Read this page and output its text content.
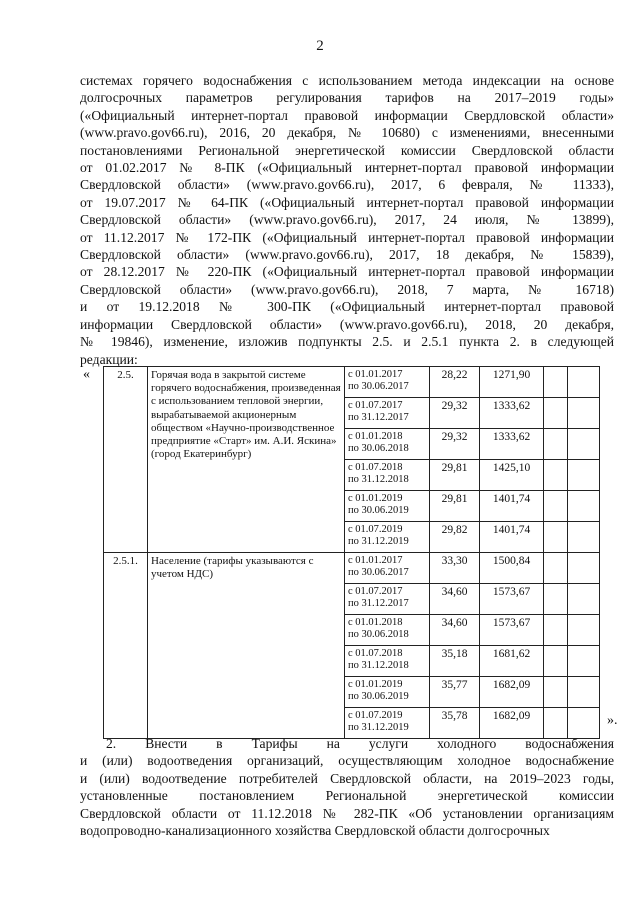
2
системах горячего водоснабжения с использованием метода индексации на основе
долгосрочных параметров регулирования тарифов на 2017–2019 годы»
(«Официальный интернет-портал правовой информации Свердловской области»
(www.pravo.gov66.ru), 2016, 20 декабря, № 10680) с изменениями, внесенными
постановлениями Региональной энергетической комиссии Свердловской области
от 01.02.2017 № 8-ПК («Официальный интернет-портал правовой информации
Свердловской области» (www.pravo.gov66.ru), 2017, 6 февраля, № 11333),
от 19.07.2017 № 64-ПК («Официальный интернет-портал правовой информации
Свердловской области» (www.pravo.gov66.ru), 2017, 24 июля, № 13899),
от 11.12.2017 № 172-ПК («Официальный интернет-портал правовой информации
Свердловской области» (www.pravo.gov66.ru), 2017, 18 декабря, № 15839),
от 28.12.2017 № 220-ПК («Официальный интернет-портал правовой информации
Свердловской области» (www.pravo.gov66.ru), 2018, 7 марта, № 16718)
и от 19.12.2018 № 300-ПК («Официальный интернет-портал правовой
информации Свердловской области» (www.pravo.gov66.ru), 2018, 20 декабря,
№ 19846), изменение, изложив подпункты 2.5. и 2.5.1 пункта 2. в следующей
редакции:
« 2.5.	Горячая вода в закрытой системе горячего водоснабжения, произведенная с использованием тепловой энергии, вырабатываемой акционерным обществом «Научно-производственное предприятие «Старт» им. А.И. Яскина» (город Екатеринбург)	с 01.01.2017
по 30.06.2017	28,22	1271,90		

		с 01.07.2017
по 31.12.2017	29,32	1333,62		

		с 01.01.2018
по 30.06.2018	29,32	1333,62		

		с 01.07.2018
по 31.12.2018	29,81	1425,10		

		с 01.01.2019
по 30.06.2019	29,81	1401,74		

		с 01.07.2019
по 31.12.2019	29,82	1401,74		
2.5.1.	Население (тарифы указываются с учетом НДС)	с 01.01.2017
по 30.06.2017	33,30	1500,84		

		с 01.07.2017
по 31.12.2017	34,60	1573,67		

		с 01.01.2018
по 30.06.2018	34,60	1573,67		

		с 01.07.2018
по 31.12.2018	35,18	1681,62		

		с 01.01.2019
по 30.06.2019	35,77	1682,09		

		с 01.07.2019
по 31.12.2019	35,78	1682,09			».
2. Внести в Тарифы на услуги холодного водоснабжения
и (или) водоотведения организаций, осуществляющим холодное водоснабжение
и (или) водоотведение потребителей Свердловской области, на 2019–2023 годы,
установленные постановлением Региональной энергетической комиссии
Свердловской области от 11.12.2018 № 282-ПК «Об установлении организациям
водопроводно-канализационного хозяйства Свердловской области долгосрочных
